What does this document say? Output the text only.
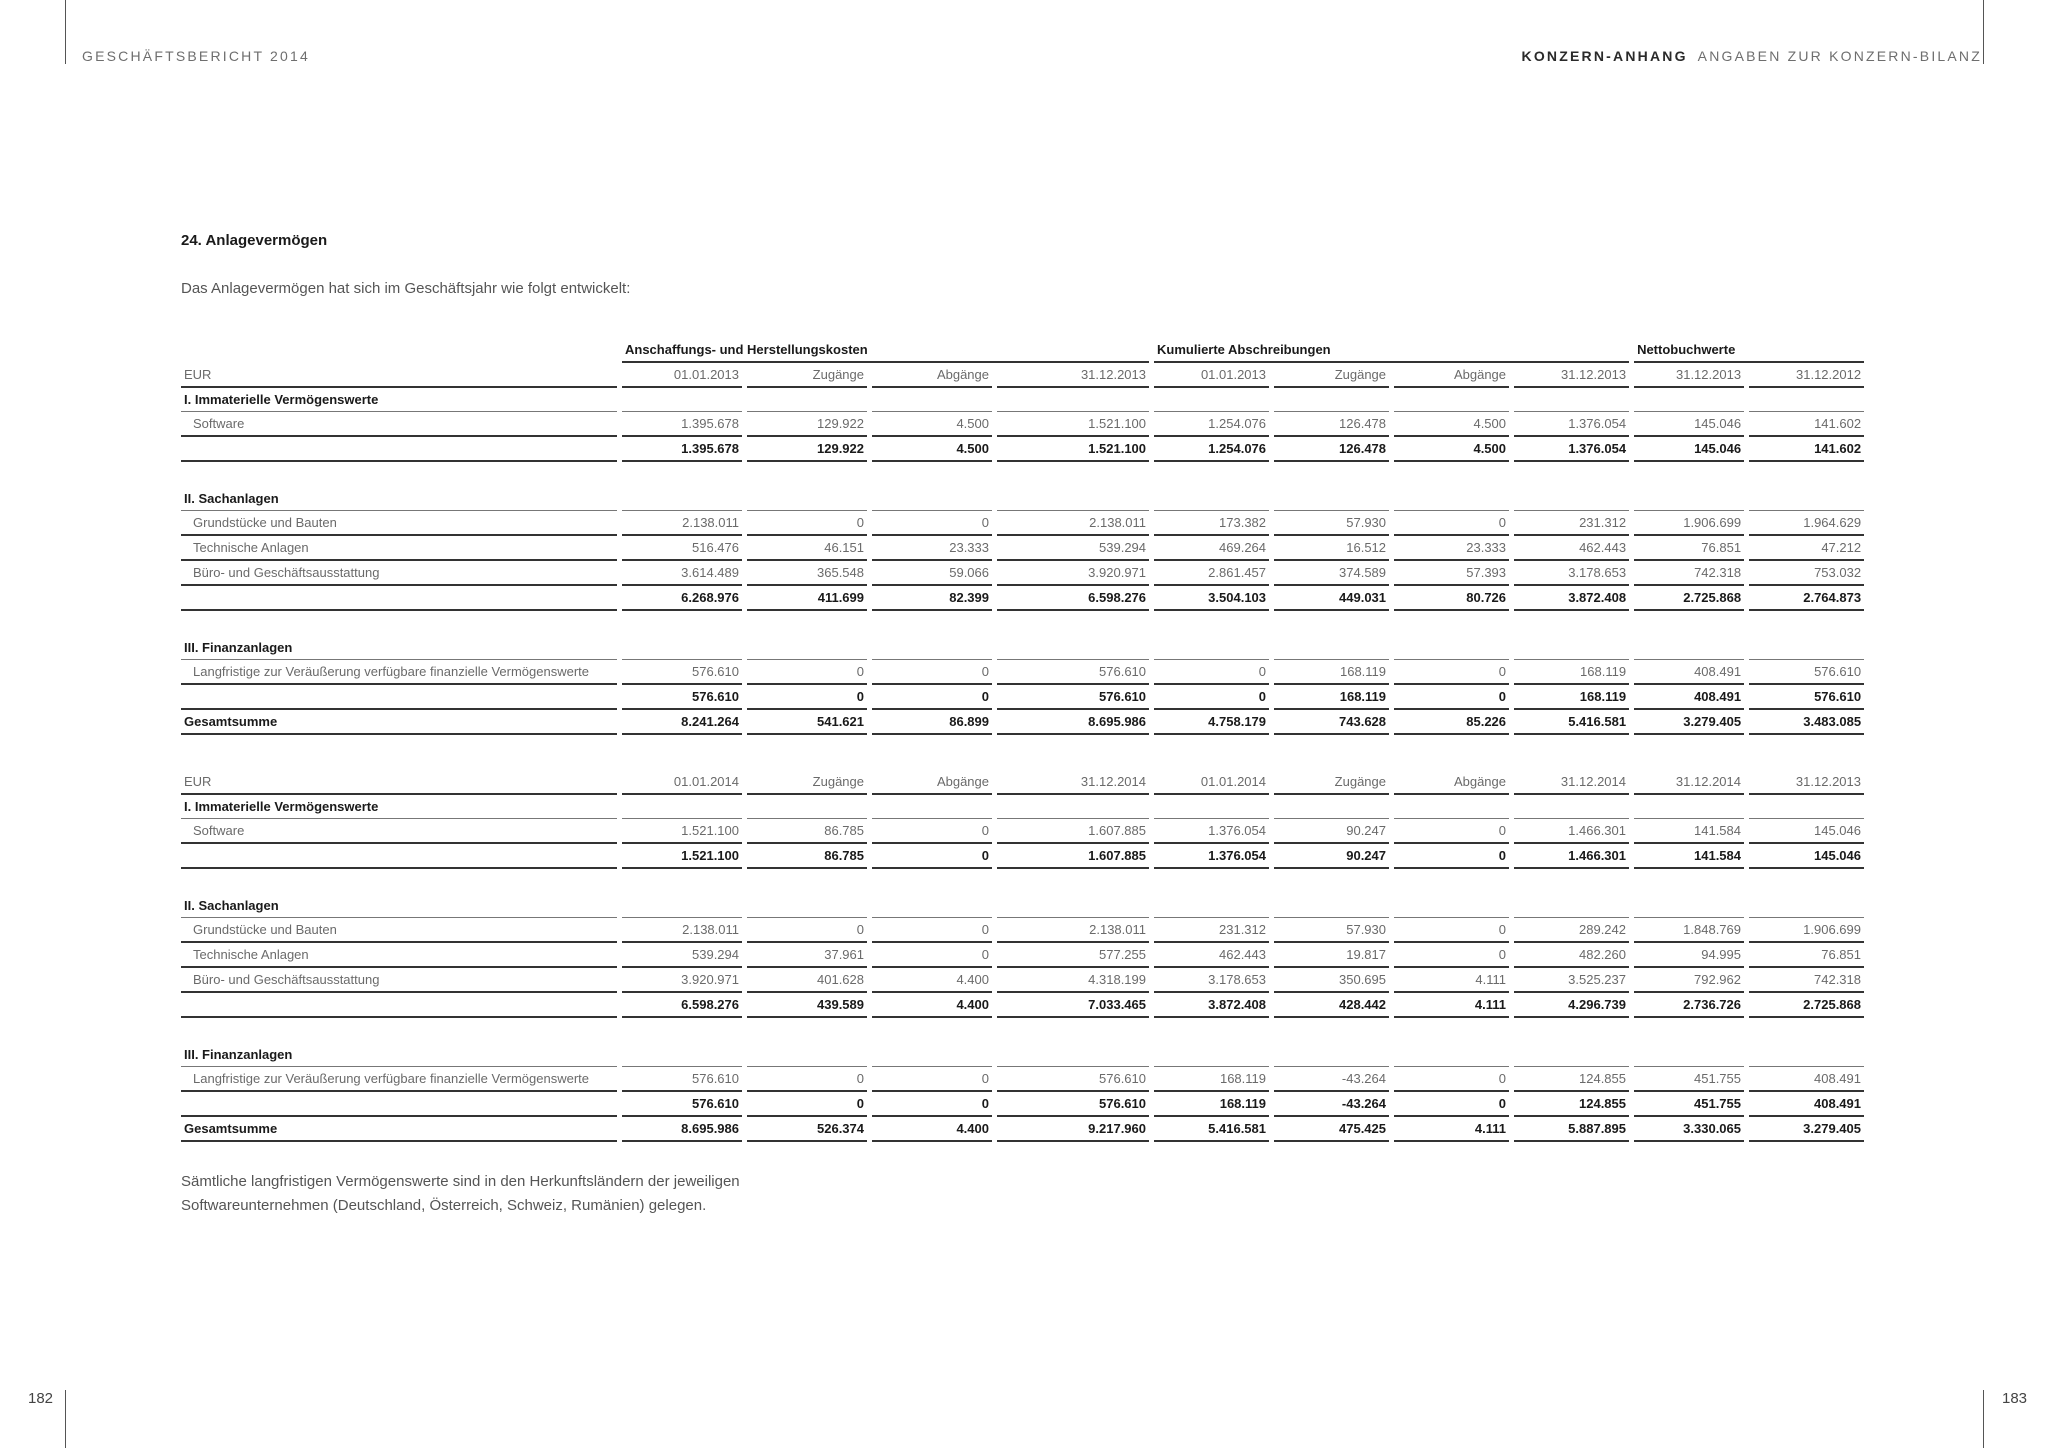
GESCHÄFTSBERICHT 2014	KONZERN-ANHANG ANGABEN ZUR KONZERN-BILANZ
182	183
24. Anlagevermögen
Das Anlagevermögen hat sich im Geschäftsjahr wie folgt entwickelt:
	Anschaffungs- und Herstellungskosten				Kumulierte Abschreibungen				Nettobuchwerte	
EUR	01.01.2013	Zugänge	Abgänge	31.12.2013	01.01.2013	Zugänge	Abgänge	31.12.2013	31.12.2013	31.12.2012
I. Immaterielle Vermögenswerte										
Software	1.395.678	129.922	4.500	1.521.100	1.254.076	126.478	4.500	1.376.054	145.046	141.602
	1.395.678	129.922	4.500	1.521.100	1.254.076	126.478	4.500	1.376.054	145.046	141.602

II. Sachanlagen										
Grundstücke und Bauten	2.138.011	0	0	2.138.011	173.382	57.930	0	231.312	1.906.699	1.964.629
Technische Anlagen	516.476	46.151	23.333	539.294	469.264	16.512	23.333	462.443	76.851	47.212
Büro- und Geschäftsausstattung	3.614.489	365.548	59.066	3.920.971	2.861.457	374.589	57.393	3.178.653	742.318	753.032
	6.268.976	411.699	82.399	6.598.276	3.504.103	449.031	80.726	3.872.408	2.725.868	2.764.873

III. Finanzanlagen										
Langfristige zur Veräußerung verfügbare finanzielle Vermögenswerte	576.610	0	0	576.610	0	168.119	0	168.119	408.491	576.610
	576.610	0	0	576.610	0	168.119	0	168.119	408.491	576.610
Gesamtsumme	8.241.264	541.621	86.899	8.695.986	4.758.179	743.628	85.226	5.416.581	3.279.405	3.483.085
EUR	01.01.2014	Zugänge	Abgänge	31.12.2014	01.01.2014	Zugänge	Abgänge	31.12.2014	31.12.2014	31.12.2013
I. Immaterielle Vermögenswerte										
Software	1.521.100	86.785	0	1.607.885	1.376.054	90.247	0	1.466.301	141.584	145.046
	1.521.100	86.785	0	1.607.885	1.376.054	90.247	0	1.466.301	141.584	145.046

II. Sachanlagen										
Grundstücke und Bauten	2.138.011	0	0	2.138.011	231.312	57.930	0	289.242	1.848.769	1.906.699
Technische Anlagen	539.294	37.961	0	577.255	462.443	19.817	0	482.260	94.995	76.851
Büro- und Geschäftsausstattung	3.920.971	401.628	4.400	4.318.199	3.178.653	350.695	4.111	3.525.237	792.962	742.318
	6.598.276	439.589	4.400	7.033.465	3.872.408	428.442	4.111	4.296.739	2.736.726	2.725.868

III. Finanzanlagen										
Langfristige zur Veräußerung verfügbare finanzielle Vermögenswerte	576.610	0	0	576.610	168.119	-43.264	0	124.855	451.755	408.491
	576.610	0	0	576.610	168.119	-43.264	0	124.855	451.755	408.491
Gesamtsumme	8.695.986	526.374	4.400	9.217.960	5.416.581	475.425	4.111	5.887.895	3.330.065	3.279.405
Sämtliche langfristigen Vermögenswerte sind in den Herkunftsländern der jeweiligen Softwareunternehmen (Deutschland, Österreich, Schweiz, Rumänien) gelegen.
